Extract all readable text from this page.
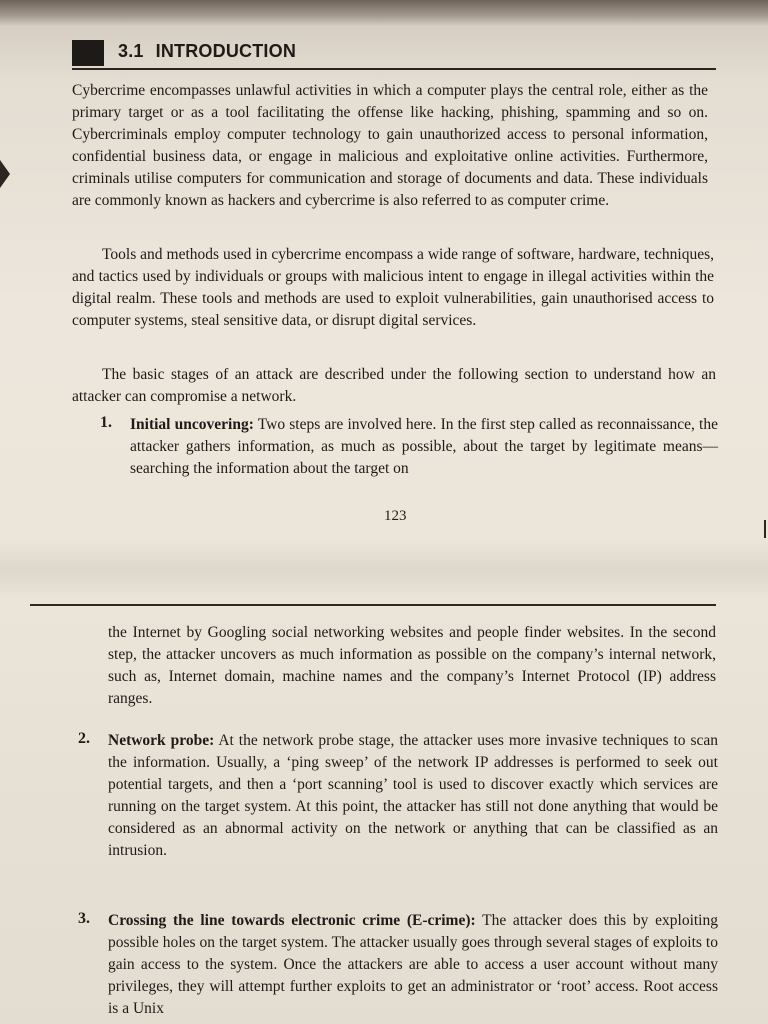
3.1 INTRODUCTION

Cybercrime encompasses unlawful activities in which a computer plays the central role, either as the primary target or as a tool facilitating the offense like hacking, phishing, spamming and so on. Cybercriminals employ computer technology to gain unauthorized access to personal information, confidential business data, or engage in malicious and exploitative online activities. Furthermore, criminals utilise computers for communication and storage of documents and data. These individuals are commonly known as hackers and cybercrime is also referred to as computer crime.

Tools and methods used in cybercrime encompass a wide range of software, hardware, techniques, and tactics used by individuals or groups with malicious intent to engage in illegal activities within the digital realm. These tools and methods are used to exploit vulnerabilities, gain unauthorised access to computer systems, steal sensitive data, or disrupt digital services.

The basic stages of an attack are described under the following section to understand how an attacker can compromise a network.

1. Initial uncovering: Two steps are involved here. In the first step called as reconnaissance, the attacker gathers information, as much as possible, about the target by legitimate means—searching the information about the target on

123

the Internet by Googling social networking websites and people finder websites. In the second step, the attacker uncovers as much information as possible on the company’s internal network, such as, Internet domain, machine names and the company’s Internet Protocol (IP) address ranges.

2. Network probe: At the network probe stage, the attacker uses more invasive techniques to scan the information. Usually, a ‘ping sweep’ of the network IP addresses is performed to seek out potential targets, and then a ‘port scanning’ tool is used to discover exactly which services are running on the target system. At this point, the attacker has still not done anything that would be considered as an abnormal activity on the network or anything that can be classified as an intrusion.

3. Crossing the line towards electronic crime (E-crime): The attacker does this by exploiting possible holes on the target system. The attacker usually goes through several stages of exploits to gain access to the system. Once the attackers are able to access a user account without many privileges, they will attempt further exploits to get an administrator or ‘root’ access. Root access is a Unix
